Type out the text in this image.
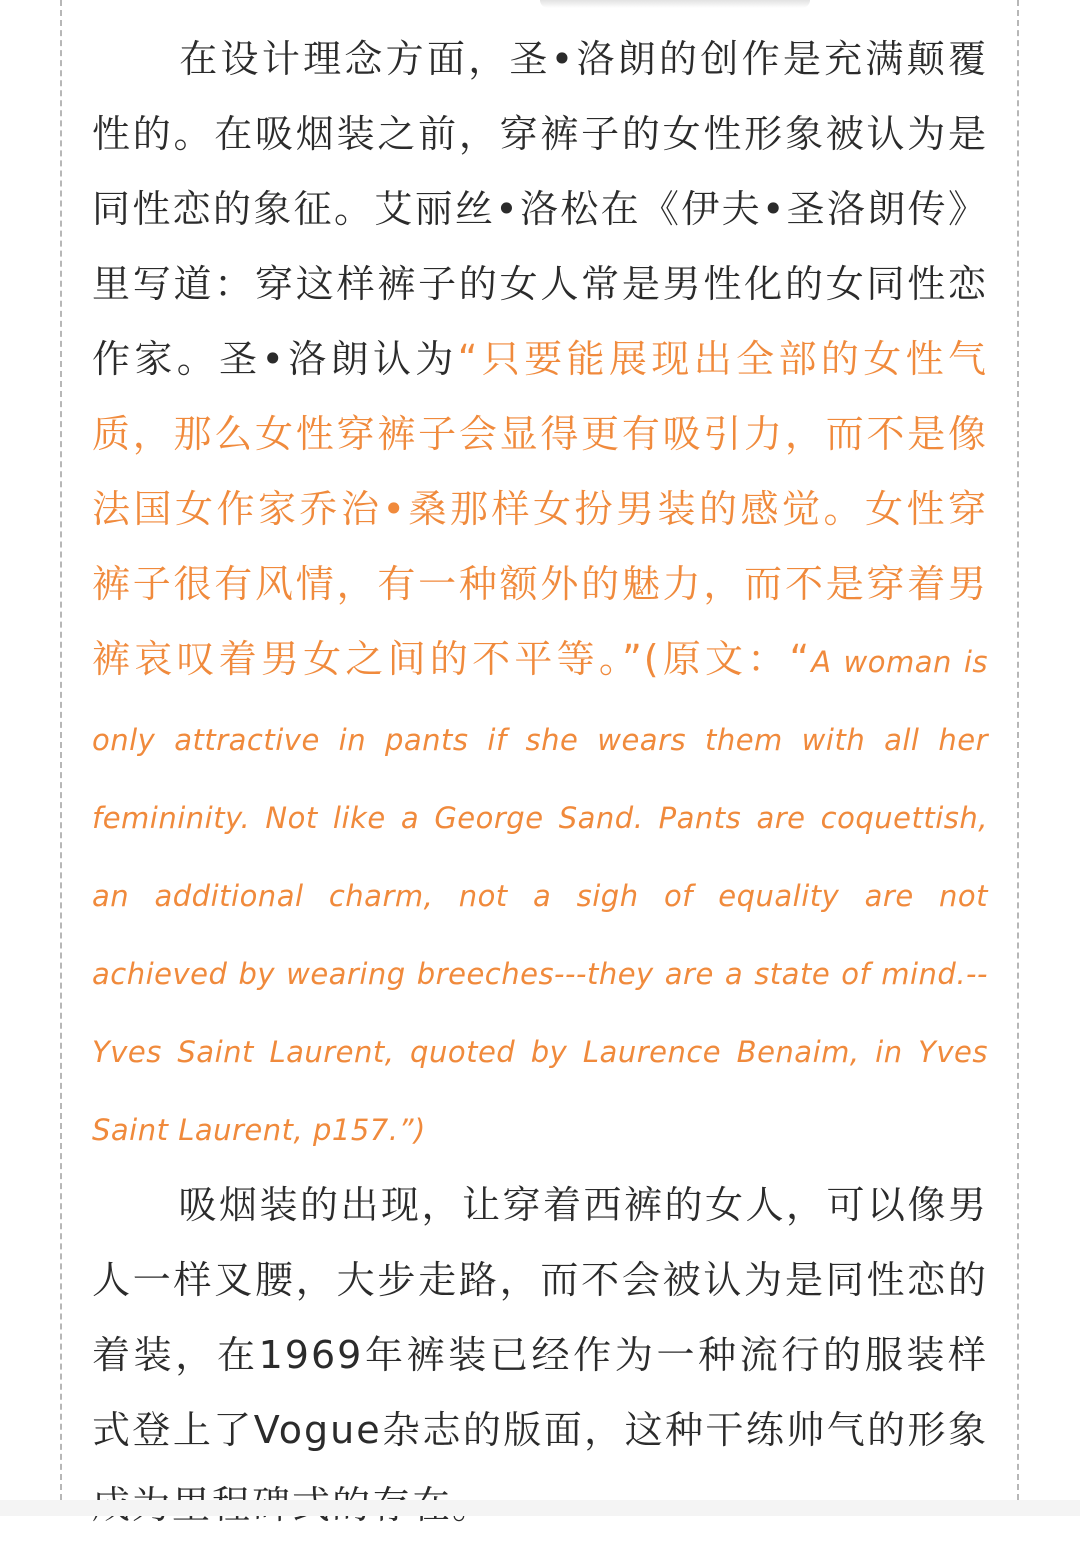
在设计理念方面，圣•洛朗的创作是充满颠覆性的。在吸烟装之前，穿裤子的女性形象被认为是同性恋的象征。艾丽丝•洛松在《伊夫•圣洛朗传》里写道：穿这样裤子的女人常是男性化的女同性恋作家。圣•洛朗认为“只要能展现出全部的女性气质，那么女性穿裤子会显得更有吸引力，而不是像法国女作家乔治•桑那样女扮男装的感觉。女性穿裤子很有风情，有一种额外的魅力，而不是穿着男裤哀叹着男女之间的不平等。”(原文：“A woman is only attractive in pants if she wears them with all her femininity. Not like a George Sand. Pants are coquettish, an additional charm, not a sigh of equality are not achieved by wearing breeches---they are a state of mind.--Yves Saint Laurent, quoted by Laurence Benaim, in Yves Saint Laurent, p157.”)

吸烟装的出现，让穿着西裤的女人，可以像男人一样叉腰，大步走路，而不会被认为是同性恋的着装，在1969年裤装已经作为一种流行的服装样式登上了Vogue杂志的版面，这种干练帅气的形象
